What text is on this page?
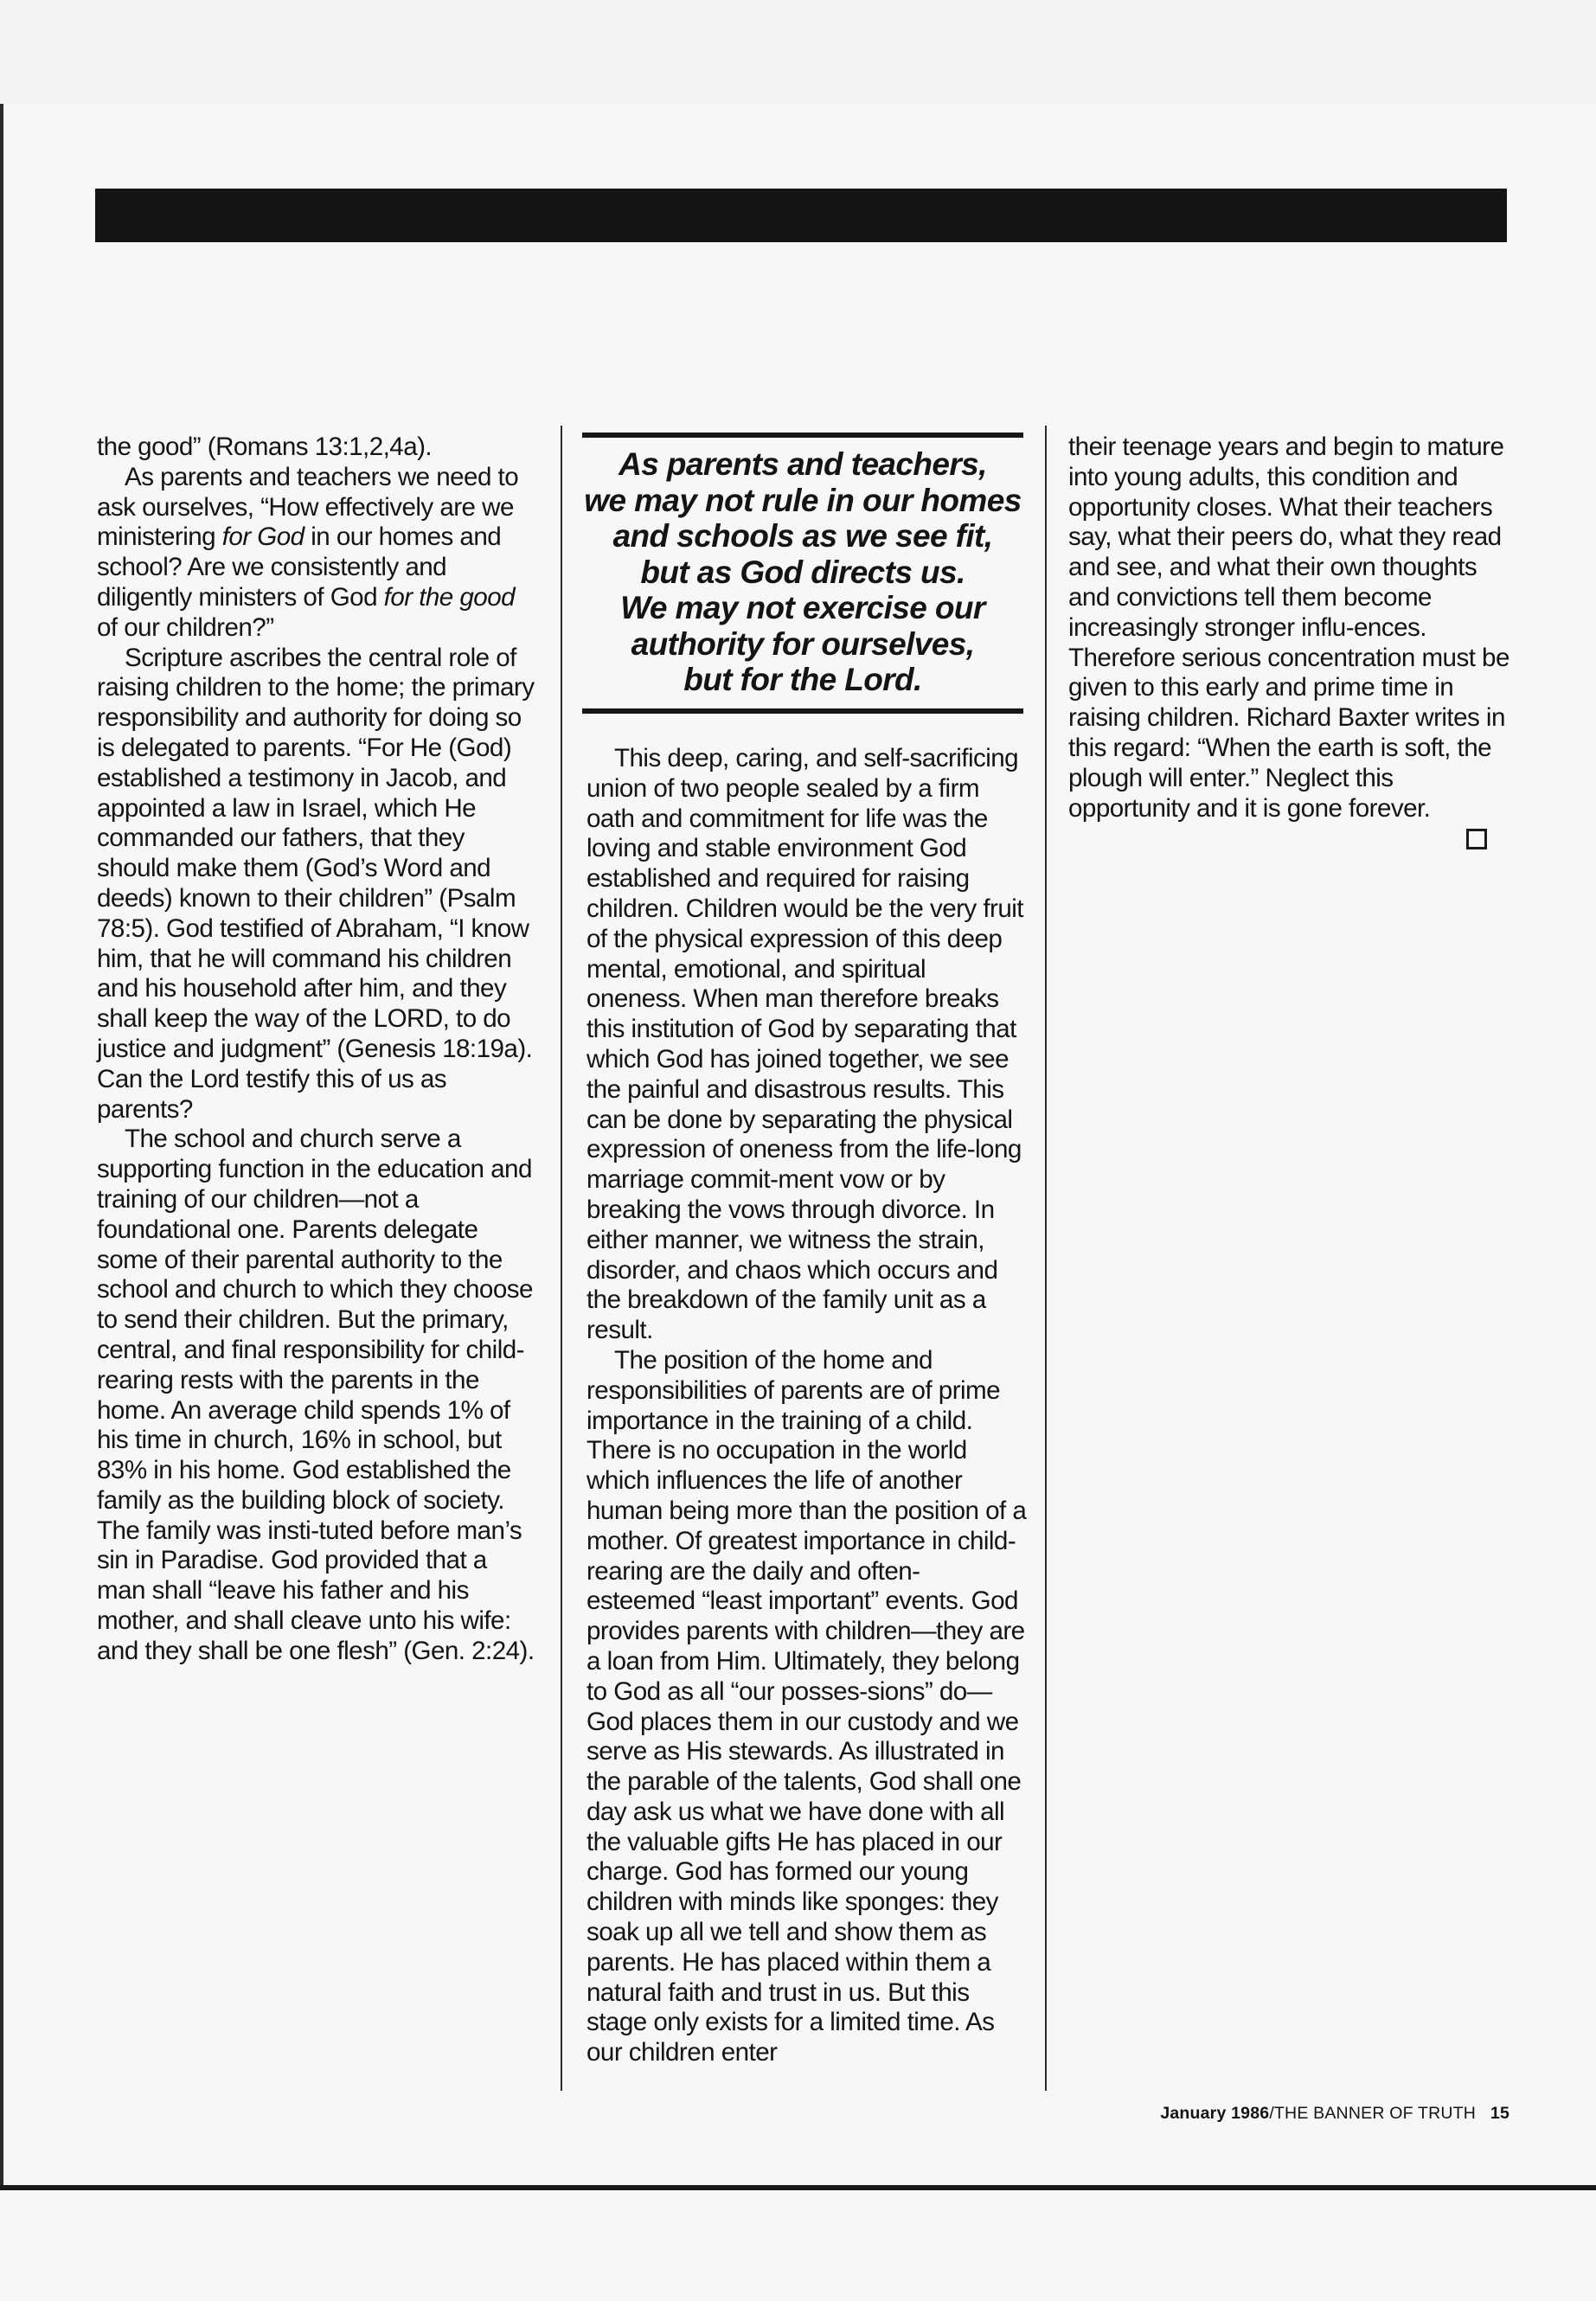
the good” (Romans 13:1,2,4a).

As parents and teachers we need to ask ourselves, “How effectively are we ministering for God in our homes and school? Are we consistently and diligently ministers of God for the good of our children?”

Scripture ascribes the central role of raising children to the home; the primary responsibility and authority for doing so is delegated to parents. “For He (God) established a testimony in Jacob, and appointed a law in Israel, which He commanded our fathers, that they should make them (God’s Word and deeds) known to their children” (Psalm 78:5). God testified of Abraham, “I know him, that he will command his children and his household after him, and they shall keep the way of the LORD, to do justice and judgment” (Genesis 18:19a). Can the Lord testify this of us as parents?

The school and church serve a supporting function in the education and training of our children—not a foundational one. Parents delegate some of their parental authority to the school and church to which they choose to send their children. But the primary, central, and final responsibility for child-rearing rests with the parents in the home. An average child spends 1% of his time in church, 16% in school, but 83% in his home. God established the family as the building block of society. The family was insti-tuted before man’s sin in Paradise. God provided that a man shall “leave his father and his mother, and shall cleave unto his wife: and they shall be one flesh” (Gen. 2:24).

As parents and teachers,
we may not rule in our homes
and schools as we see fit,
but as God directs us.
We may not exercise our
authority for ourselves,
but for the Lord.

This deep, caring, and self-sacrificing union of two people sealed by a firm oath and commitment for life was the loving and stable environment God established and required for raising children. Children would be the very fruit of the physical expression of this deep mental, emotional, and spiritual oneness. When man therefore breaks this institution of God by separating that which God has joined together, we see the painful and disastrous results. This can be done by separating the physical expression of oneness from the life-long marriage commit-ment vow or by breaking the vows through divorce. In either manner, we witness the strain, disorder, and chaos which occurs and the breakdown of the family unit as a result.

The position of the home and responsibilities of parents are of prime importance in the training of a child. There is no occupation in the world which influences the life of another human being more than the position of a mother. Of greatest importance in child-rearing are the daily and often-esteemed “least important” events. God provides parents with children—they are a loan from Him. Ultimately, they belong to God as all “our posses-sions” do—God places them in our custody and we serve as His stewards. As illustrated in the parable of the talents, God shall one day ask us what we have done with all the valuable gifts He has placed in our charge. God has formed our young children with minds like sponges: they soak up all we tell and show them as parents. He has placed within them a natural faith and trust in us. But this stage only exists for a limited time. As our children enter

their teenage years and begin to mature into young adults, this condition and opportunity closes. What their teachers say, what their peers do, what they read and see, and what their own thoughts and convictions tell them become increasingly stronger influ-ences. Therefore serious concentration must be given to this early and prime time in raising children. Richard Baxter writes in this regard: “When the earth is soft, the plough will enter.” Neglect this opportunity and it is gone forever.

January 1986/THE BANNER OF TRUTH 15
